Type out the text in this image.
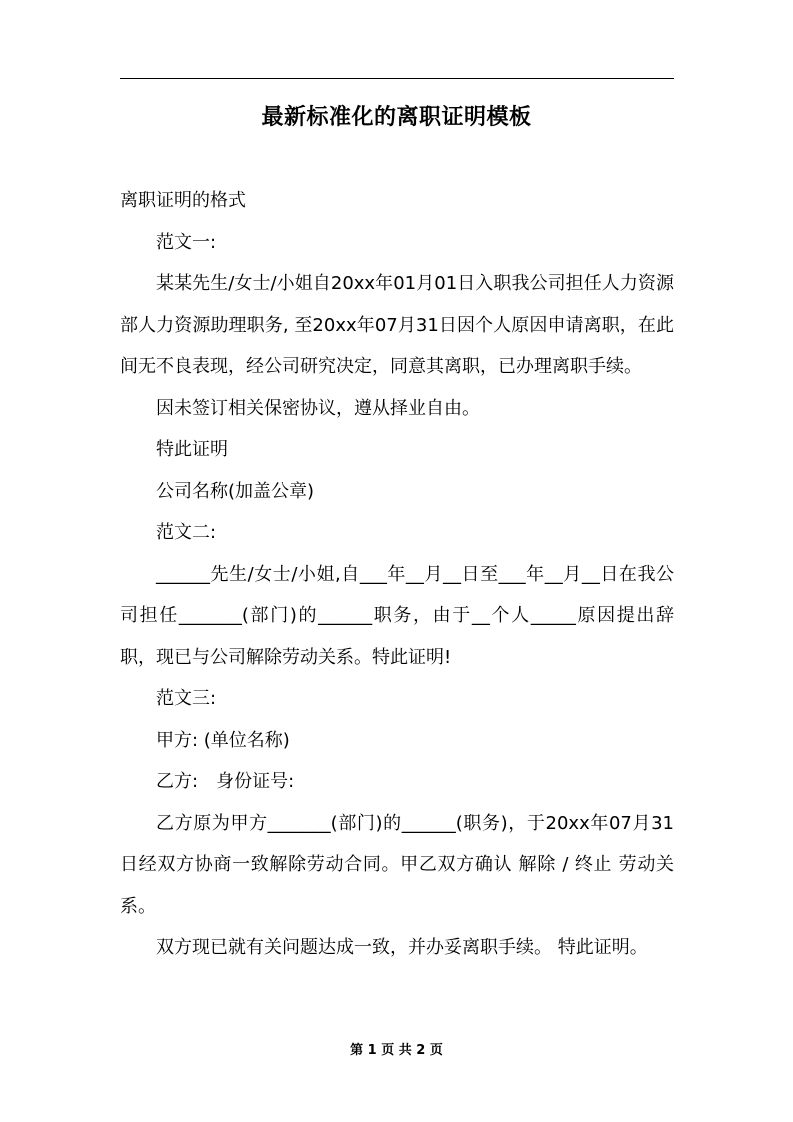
最新标准化的离职证明模板

离职证明的格式

范文一:

某某先生/女士/小姐自20xx年01月01日入职我公司担任人力资源部人力资源助理职务, 至20xx年07月31日因个人原因申请离职，在此间无不良表现，经公司研究决定，同意其离职，已办理离职手续。

因未签订相关保密协议，遵从择业自由。

特此证明

公司名称(加盖公章)

范文二:

______先生/女士/小姐,自___年__月__日至___年__月__日在我公司担任_______(部门)的______职务，由于__个人_____原因提出辞职，现已与公司解除劳动关系。特此证明!

范文三:

甲方: (单位名称)

乙方:　身份证号:

乙方原为甲方_______(部门)的______(职务)，于20xx年07月31日经双方协商一致解除劳动合同。甲乙双方确认 解除 / 终止 劳动关系。

双方现已就有关问题达成一致，并办妥离职手续。 特此证明。

第 1 页 共 2 页
